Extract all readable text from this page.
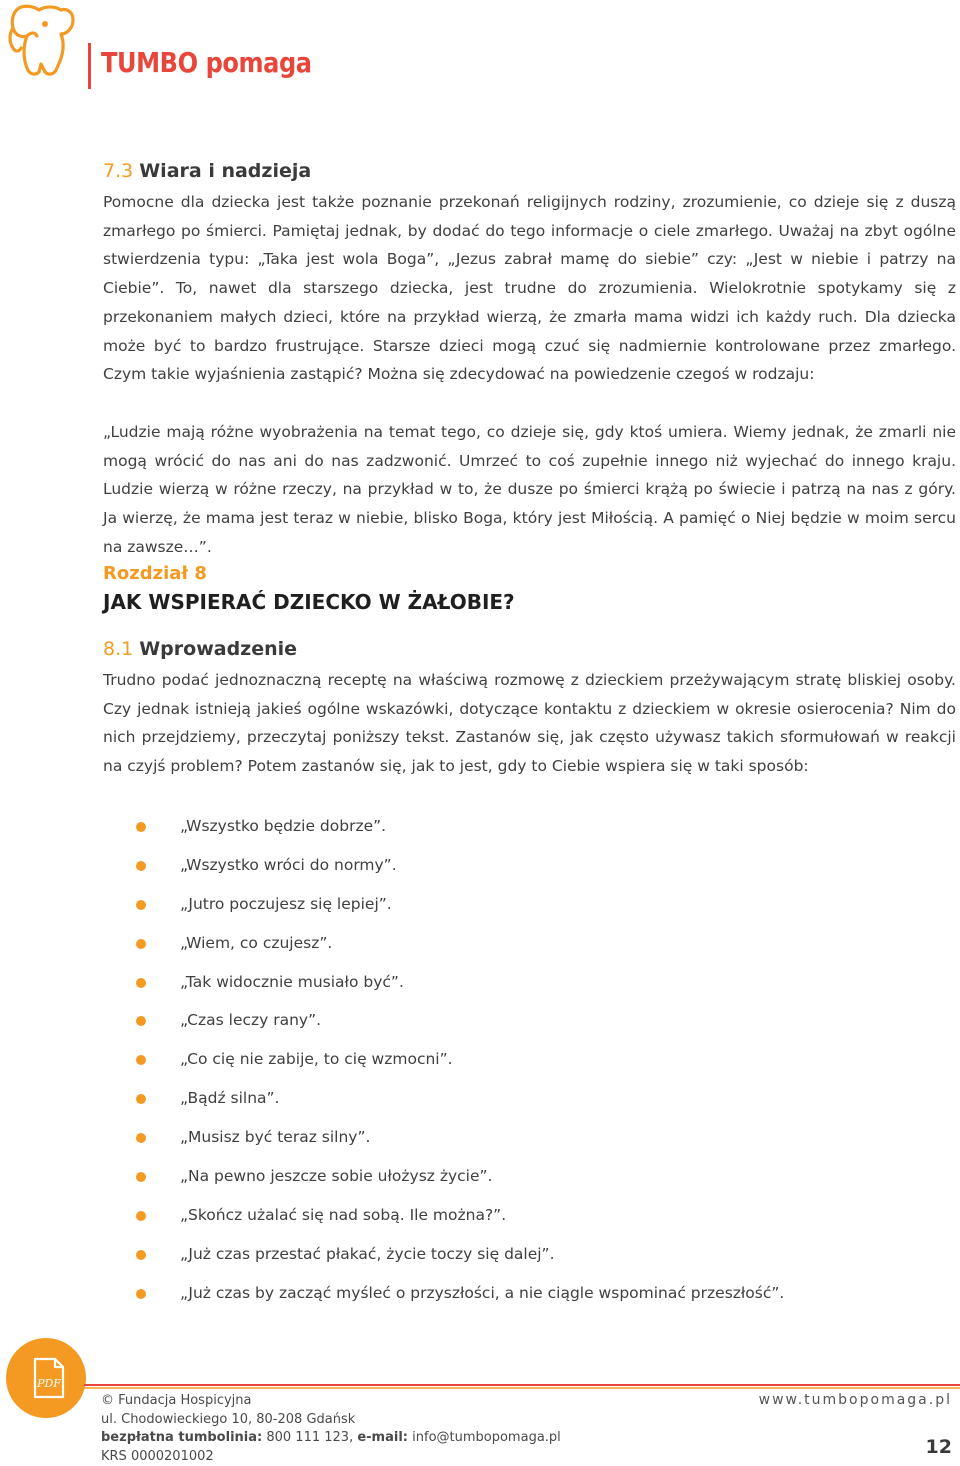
TUMBO pomaga
7.3 Wiara i nadzieja
Pomocne dla dziecka jest także poznanie przekonań religijnych rodziny, zrozumienie, co dzieje się z duszą zmarłego po śmierci. Pamiętaj jednak, by dodać do tego informacje o ciele zmarłego. Uważaj na zbyt ogólne stwierdzenia typu: „Taka jest wola Boga”, „Jezus zabrał mamę do siebie” czy: „Jest w niebie i patrzy na Ciebie”. To, nawet dla starszego dziecka, jest trudne do zrozumienia. Wielokrotnie spotykamy się z przekonaniem małych dzieci, które na przykład wierzą, że zmarła mama widzi ich każdy ruch. Dla dziecka może być to bardzo frustrujące. Starsze dzieci mogą czuć się nadmiernie kontrolowane przez zmarłego. Czym takie wyjaśnienia zastąpić? Można się zdecydować na powiedzenie czegoś w rodzaju:
„Ludzie mają różne wyobrażenia na temat tego, co dzieje się, gdy ktoś umiera. Wiemy jednak, że zmarli nie mogą wrócić do nas ani do nas zadzwonić. Umrzeć to coś zupełnie innego niż wyjechać do innego kraju. Ludzie wierzą w różne rzeczy, na przykład w to, że dusze po śmierci krążą po świecie i patrzą na nas z góry. Ja wierzę, że mama jest teraz w niebie, blisko Boga, który jest Miłością. A pamięć o Niej będzie w moim sercu na zawsze…”.
Rozdział 8
JAK WSPIERAĆ DZIECKO W ŻAŁOBIE?
8.1 Wprowadzenie
Trudno podać jednoznaczną receptę na właściwą rozmowę z dzieckiem przeżywającym stratę bliskiej osoby. Czy jednak istnieją jakieś ogólne wskazówki, dotyczące kontaktu z dzieckiem w okresie osierocenia? Nim do nich przejdziemy, przeczytaj poniższy tekst. Zastanów się, jak często używasz takich sformułowań w reakcji na czyjś problem? Potem zastanów się, jak to jest, gdy to Ciebie wspiera się w taki sposób:
„Wszystko będzie dobrze”.
„Wszystko wróci do normy”.
„Jutro poczujesz się lepiej”.
„Wiem, co czujesz”.
„Tak widocznie musiało być”.
„Czas leczy rany”.
„Co cię nie zabije, to cię wzmocni”.
„Bądź silna”.
„Musisz być teraz silny”.
„Na pewno jeszcze sobie ułożysz życie”.
„Skończ użalać się nad sobą. Ile można?”.
„Już czas przestać płakać, życie toczy się dalej”.
„Już czas by zacząć myśleć o przyszłości, a nie ciągle wspominać przeszłość”.
PDF
© Fundacja Hospicyjna
ul. Chodowieckiego 10, 80-208 Gdańsk
bezpłatna tumbolinia: 800 111 123, e-mail: info@tumbopomaga.pl
KRS 0000201002
www.tumbopomaga.pl
12
